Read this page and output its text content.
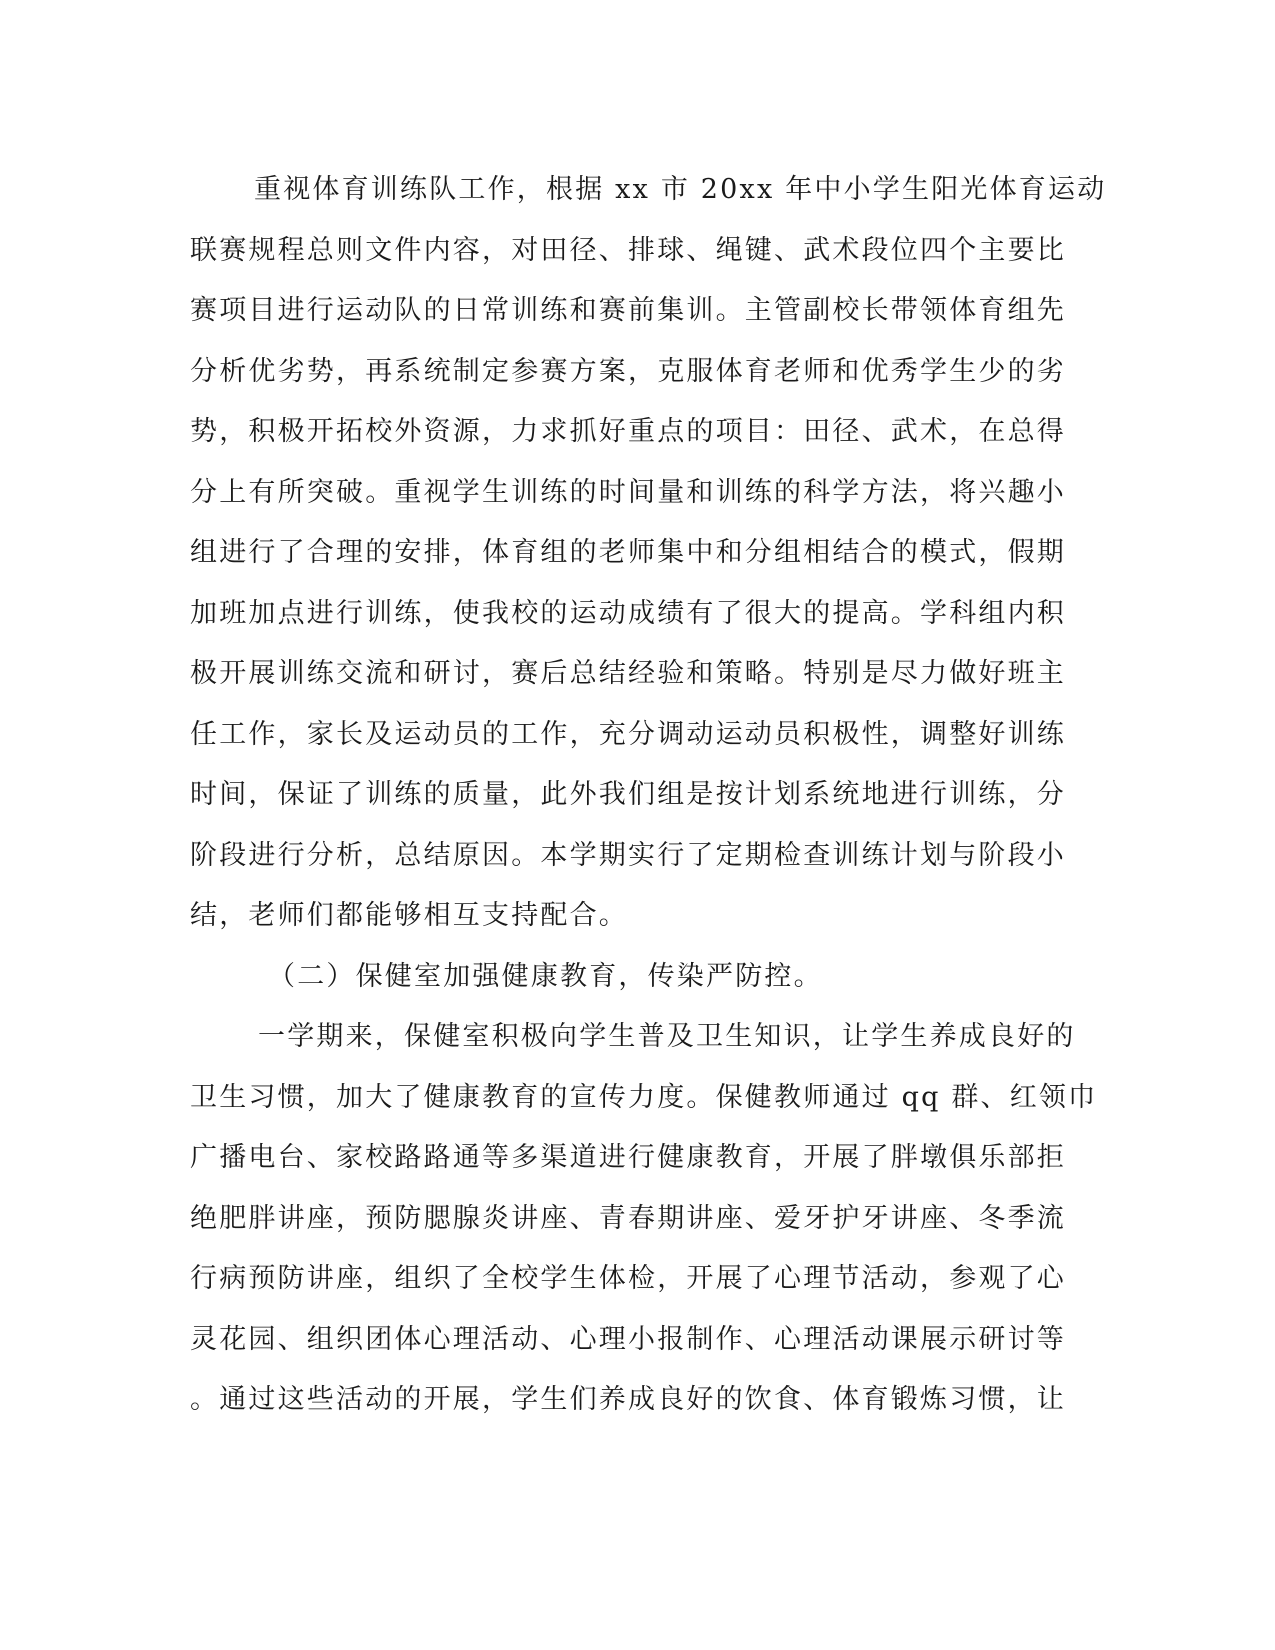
重视体育训练队工作，根据 xx 市 20xx 年中小学生阳光体育运动
联赛规程总则文件内容，对田径、排球、绳键、武术段位四个主要比
赛项目进行运动队的日常训练和赛前集训。主管副校长带领体育组先
分析优劣势，再系统制定参赛方案，克服体育老师和优秀学生少的劣
势，积极开拓校外资源，力求抓好重点的项目：田径、武术，在总得
分上有所突破。重视学生训练的时间量和训练的科学方法，将兴趣小
组进行了合理的安排，体育组的老师集中和分组相结合的模式，假期
加班加点进行训练，使我校的运动成绩有了很大的提高。学科组内积
极开展训练交流和研讨，赛后总结经验和策略。特别是尽力做好班主
任工作，家长及运动员的工作，充分调动运动员积极性，调整好训练
时间，保证了训练的质量，此外我们组是按计划系统地进行训练，分
阶段进行分析，总结原因。本学期实行了定期检查训练计划与阶段小
结，老师们都能够相互支持配合。
（二）保健室加强健康教育，传染严防控。
一学期来，保健室积极向学生普及卫生知识，让学生养成良好的
卫生习惯，加大了健康教育的宣传力度。保健教师通过 qq 群、红领巾
广播电台、家校路路通等多渠道进行健康教育，开展了胖墩俱乐部拒
绝肥胖讲座，预防腮腺炎讲座、青春期讲座、爱牙护牙讲座、冬季流
行病预防讲座，组织了全校学生体检，开展了心理节活动，参观了心
灵花园、组织团体心理活动、心理小报制作、心理活动课展示研讨等
。通过这些活动的开展，学生们养成良好的饮食、体育锻炼习惯，让
